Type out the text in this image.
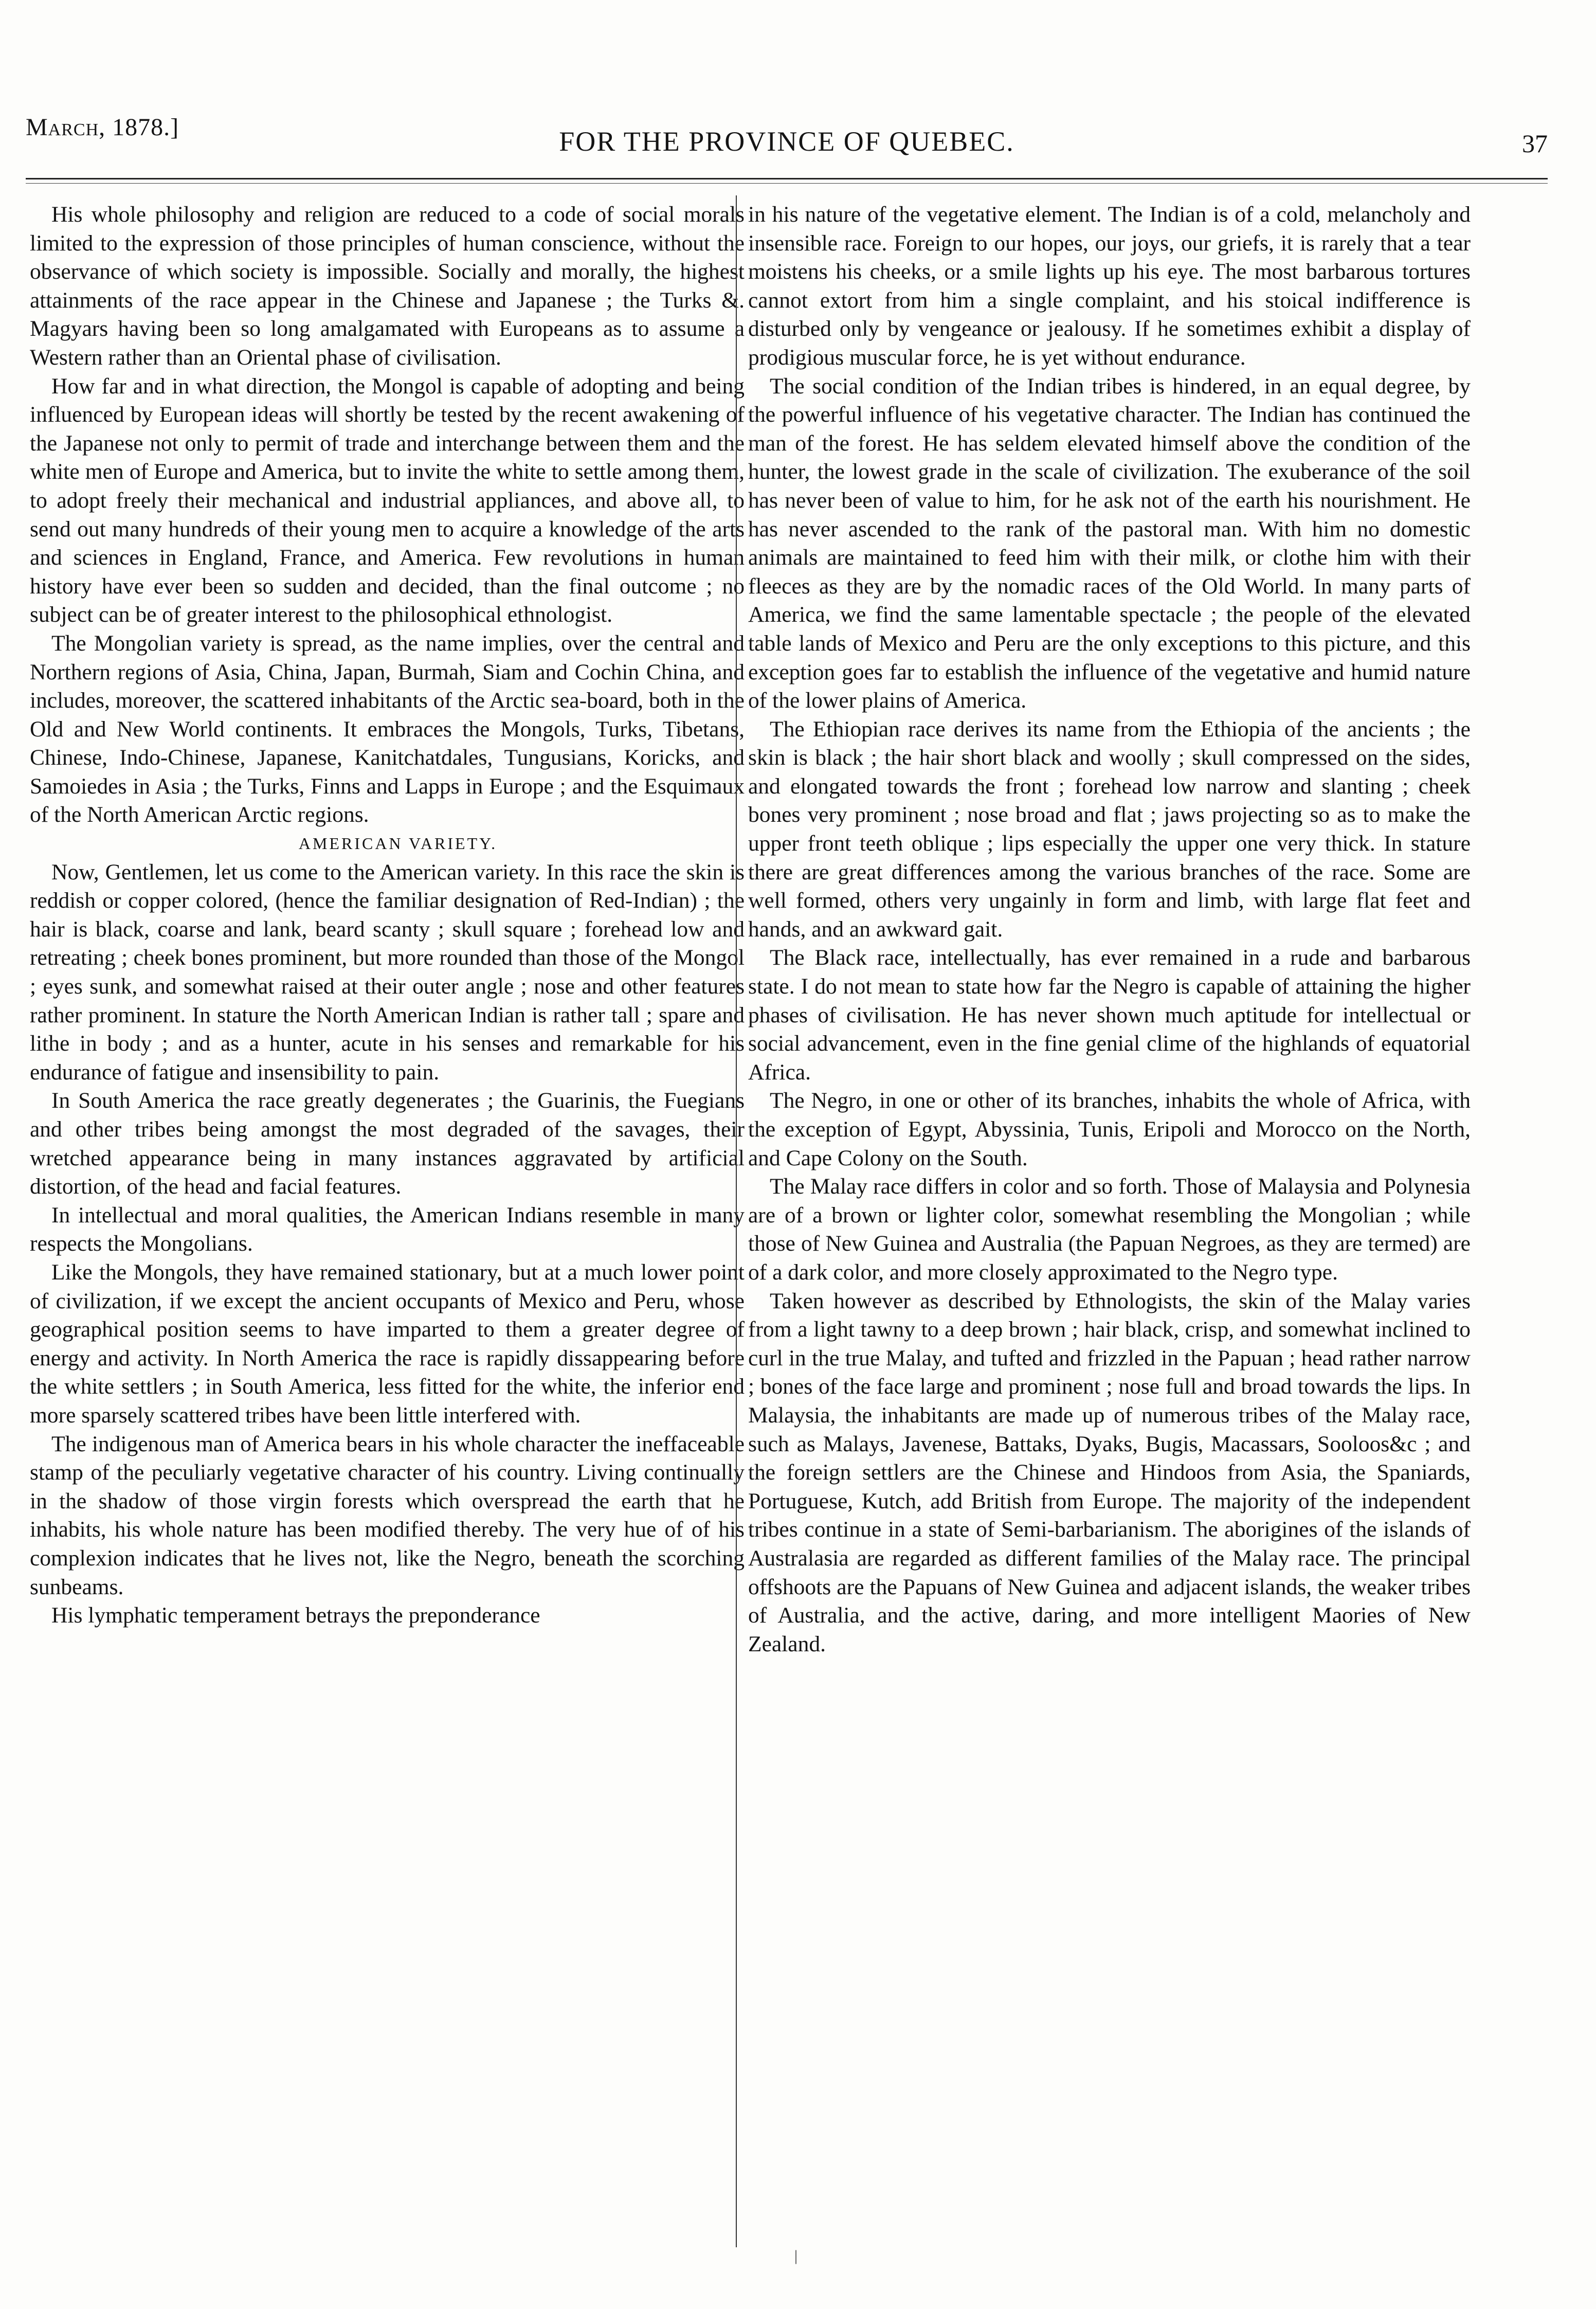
March, 1878.]	FOR THE PROVINCE OF QUEBEC.	37

His whole philosophy and religion are reduced to a code of social morals limited to the expression of those principles of human conscience, without the observance of which society is impossible. Socially and morally, the highest attainments of the race appear in the Chinese and Japanese ; the Turks &. Magyars having been so long amalgamated with Europeans as to assume a Western rather than an Oriental phase of civilisation.

How far and in what direction, the Mongol is capable of adopting and being influenced by European ideas will shortly be tested by the recent awakening of the Japanese not only to permit of trade and interchange between them and the white men of Europe and America, but to invite the white to settle among them, to adopt freely their mechanical and industrial appliances, and above all, to send out many hundreds of their young men to acquire a knowledge of the arts and sciences in England, France, and America. Few revolutions in human history have ever been so sudden and decided, than the final outcome ; no subject can be of greater interest to the philosophical ethnologist.

The Mongolian variety is spread, as the name implies, over the central and Northern regions of Asia, China, Japan, Burmah, Siam and Cochin China, and includes, moreover, the scattered inhabitants of the Arctic sea-board, both in the Old and New World continents. It embraces the Mongols, Turks, Tibetans, Chinese, Indo-Chinese, Japanese, Kanitchatdales, Tungusians, Koricks, and Samoiedes in Asia ; the Turks, Finns and Lapps in Europe ; and the Esquimaux of the North American Arctic regions.

AMERICAN VARIETY.

Now, Gentlemen, let us come to the American variety. In this race the skin is reddish or copper colored, (hence the familiar designation of Red-Indian) ; the hair is black, coarse and lank, beard scanty ; skull square ; forehead low and retreating ; cheek bones prominent, but more rounded than those of the Mongol ; eyes sunk, and somewhat raised at their outer angle ; nose and other features rather prominent. In stature the North American Indian is rather tall ; spare and lithe in body ; and as a hunter, acute in his senses and remarkable for his endurance of fatigue and insensibility to pain.

In South America the race greatly degenerates ; the Guarinis, the Fuegians and other tribes being amongst the most degraded of the savages, their wretched appearance being in many instances aggravated by artificial distortion, of the head and facial features.

In intellectual and moral qualities, the American Indians resemble in many respects the Mongolians.

Like the Mongols, they have remained stationary, but at a much lower point of civilization, if we except the ancient occupants of Mexico and Peru, whose geographical position seems to have imparted to them a greater degree of energy and activity. In North America the race is rapidly dissappearing before the white settlers ; in South America, less fitted for the white, the inferior end more sparsely scattered tribes have been little interfered with.

The indigenous man of America bears in his whole character the ineffaceable stamp of the peculiarly vegetative character of his country. Living continually in the shadow of those virgin forests which overspread the earth that he inhabits, his whole nature has been modified thereby. The very hue of of his complexion indicates that he lives not, like the Negro, beneath the scorching sunbeams.

His lymphatic temperament betrays the preponderance

in his nature of the vegetative element. The Indian is of a cold, melancholy and insensible race. Foreign to our hopes, our joys, our griefs, it is rarely that a tear moistens his cheeks, or a smile lights up his eye. The most barbarous tortures cannot extort from him a single complaint, and his stoical indifference is disturbed only by vengeance or jealousy. If he sometimes exhibit a display of prodigious muscular force, he is yet without endurance.

The social condition of the Indian tribes is hindered, in an equal degree, by the powerful influence of his vegetative character. The Indian has continued the man of the forest. He has seldem elevated himself above the condition of the hunter, the lowest grade in the scale of civilization. The exuberance of the soil has never been of value to him, for he ask not of the earth his nourishment. He has never ascended to the rank of the pastoral man. With him no domestic animals are maintained to feed him with their milk, or clothe him with their fleeces as they are by the nomadic races of the Old World. In many parts of America, we find the same lamentable spectacle ; the people of the elevated table lands of Mexico and Peru are the only exceptions to this picture, and this exception goes far to establish the influence of the vegetative and humid nature of the lower plains of America.

The Ethiopian race derives its name from the Ethiopia of the ancients ; the skin is black ; the hair short black and woolly ; skull compressed on the sides, and elongated towards the front ; forehead low narrow and slanting ; cheek bones very prominent ; nose broad and flat ; jaws projecting so as to make the upper front teeth oblique ; lips especially the upper one very thick. In stature there are great differences among the various branches of the race. Some are well formed, others very ungainly in form and limb, with large flat feet and hands, and an awkward gait.

The Black race, intellectually, has ever remained in a rude and barbarous state. I do not mean to state how far the Negro is capable of attaining the higher phases of civilisation. He has never shown much aptitude for intellectual or social advancement, even in the fine genial clime of the highlands of equatorial Africa.

The Negro, in one or other of its branches, inhabits the whole of Africa, with the exception of Egypt, Abyssinia, Tunis, Eripoli and Morocco on the North, and Cape Colony on the South.

The Malay race differs in color and so forth. Those of Malaysia and Polynesia are of a brown or lighter color, somewhat resembling the Mongolian ; while those of New Guinea and Australia (the Papuan Negroes, as they are termed) are of a dark color, and more closely approximated to the Negro type.

Taken however as described by Ethnologists, the skin of the Malay varies from a light tawny to a deep brown ; hair black, crisp, and somewhat inclined to curl in the true Malay, and tufted and frizzled in the Papuan ; head rather narrow ; bones of the face large and prominent ; nose full and broad towards the lips. In Malaysia, the inhabitants are made up of numerous tribes of the Malay race, such as Malays, Javenese, Battaks, Dyaks, Bugis, Macassars, Sooloos&c ; and the foreign settlers are the Chinese and Hindoos from Asia, the Spaniards, Portuguese, Kutch, add British from Europe. The majority of the independent tribes continue in a state of Semi-barbarianism. The aborigines of the islands of Australasia are regarded as different families of the Malay race. The principal offshoots are the Papuans of New Guinea and adjacent islands, the weaker tribes of Australia, and the active, daring, and more intelligent Maories of New Zealand.

|
